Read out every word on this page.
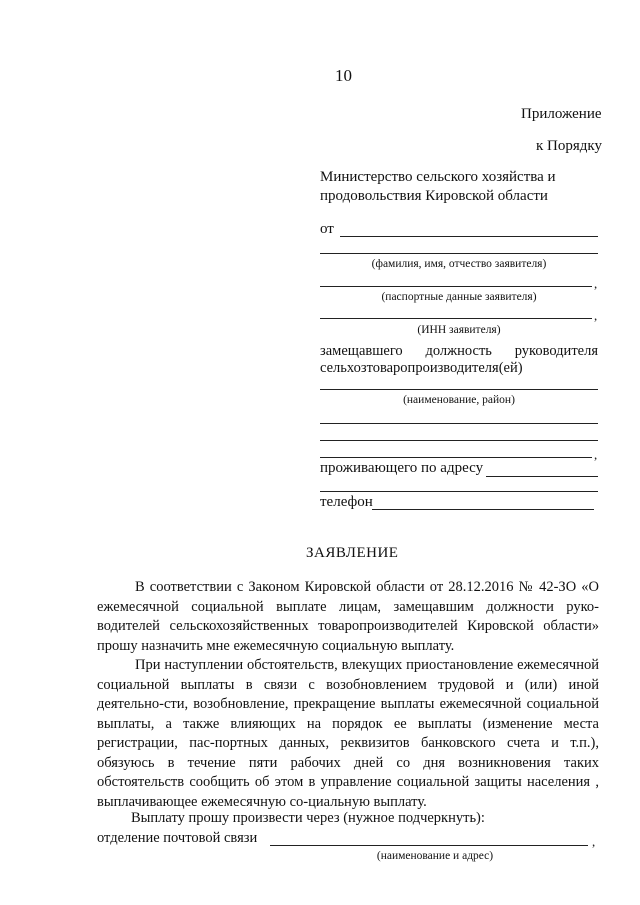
10
Приложение
к Порядку
Министерство сельского хозяйства и
продовольствия Кировской области
от
(фамилия, имя, отчество заявителя)
,
(паспортные данные заявителя)
,
(ИНН заявителя)
замещавшего должность руководителя
сельхозтоваропроизводителя(ей)
(наименование, район)
,
проживающего по адресу
телефон
ЗАЯВЛЕНИЕ

В соответствии с Законом Кировской области от 28.12.2016 № 42-ЗО «О ежемесячной социальной выплате лицам, замещавшим должности руко-водителей сельскохозяйственных товаропроизводителей Кировской области» прошу назначить мне ежемесячную социальную выплату.

При наступлении обстоятельств, влекущих приостановление ежемесячной социальной выплаты в связи с возобновлением трудовой и (или) иной деятельно-сти, возобновление, прекращение выплаты ежемесячной социальной выплаты, а также влияющих на порядок ее выплаты (изменение места регистрации, пас-портных данных, реквизитов банковского счета и т.п.), обязуюсь в течение пяти рабочих дней со дня возникновения таких обстоятельств сообщить об этом в управление социальной защиты населения , выплачивающее ежемесячную со-циальную выплату.

Выплату прошу произвести через (нужное подчеркнуть):
отделение почтовой связи	,
(наименование и адрес)
